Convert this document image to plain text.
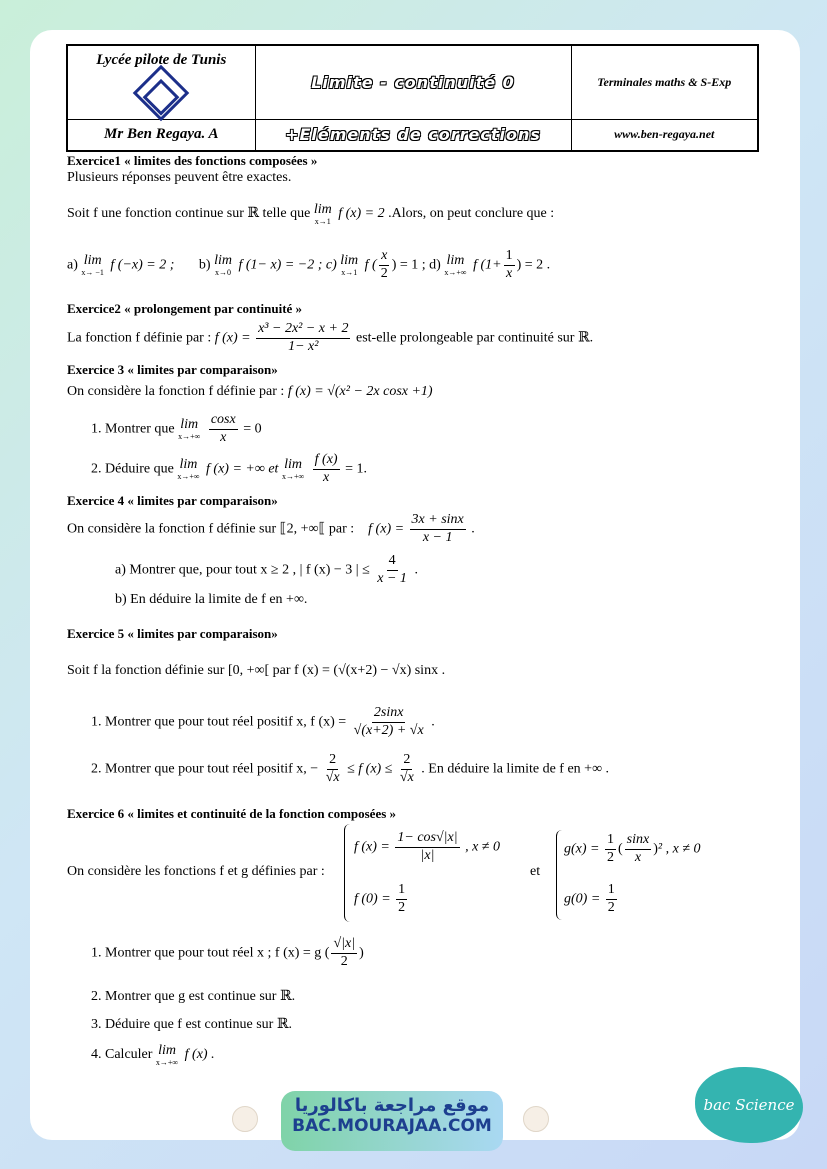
Lycée pilote de Tunis	Limite - continuité 0	Terminales maths & S-Exp
Mr Ben Regaya. A	+Eléments de corrections	www.ben-regaya.net
Exercice1 « limites des fonctions composées »
Plusieurs réponses peuvent être exactes.
Soit f une fonction continue sur ℝ telle que lim
x→1
f (x) = 2 .Alors, on peut conclure que :
a) lim
x→ −1
f (−x) = 2 ; b) lim
x→0
f (1− x) = −2 ; c) lim
x→1
f ( $\frac{x}{2}$ ) = 1 ; d) lim
x→+∞
f ($1+ \frac{1}{x}$ ) = 2 .
Exercice2 « prolongement par continuité »
La fonction f définie par : f $(x) = \frac{\text{x³ − 2x² − x + 2}}{\text{1− x²}}$ est-elle prolongeable par continuité sur ℝ.
Exercice 3 « limites par comparaison»
On considère la fonction f définie par : f (x) = √(x² − 2x cosx +1)
1. Montrer que lim
x→+∞
$\frac{\cos x}{x} = 0$
2. Déduire que lim
x→+∞
f (x) = +∞ et lim
x→+∞
$\frac{f (x)}{x} = 1$.
Exercice 4 « limites par comparaison»
On considère la fonction f définie sur ⟦2, +∞⟦ par : f $(x) = \frac{3x + \sin x}{x - 1}$ .
a) Montrer que, pour tout x ≥ 2 , | f (x) − 3 | ≤ $\frac{4}{x - 1}$ .
b) En déduire la limite de f en +∞.
Exercice 5 « limites par comparaison»
Soit f la fonction définie sur [0, +∞[ par f (x) = (√(x+2) − √x) sinx .
1. Montrer que pour tout réel positif x, f $(x) = \frac{2\sin x}{√(x+2) + √x}$ .
2. Montrer que pour tout réel positif x, − $\frac{2}{√x} \le f$ $(x) \le \frac{2}{√x}$ . En déduire la limite de f en +∞ .
Exercice 6 « limites et continuité de la fonction composées »
On considère les fonctions f et g définies par :
f $(x) = \frac{1- \cos√|x|}{|x|}$ , x ≠ 0
f $(0) = \frac{1}{2}$
et
$g(x) = \frac{1}{2}$ ( $\frac{\sin x}{x} )^2$ , x ≠ 0
$g(0) = \frac{1}{2}$
1. Montrer que pour tout réel x ; f (x) = g ( $\frac{√|x|}{2}$ )
2. Montrer que g est continue sur ℝ.
3. Déduire que f est continue sur ℝ.
4. Calculer lim
x→+∞
f (x) .
موقع مراجعة باكالوريا
BAC.MOURAJAA.COM
bac Science
